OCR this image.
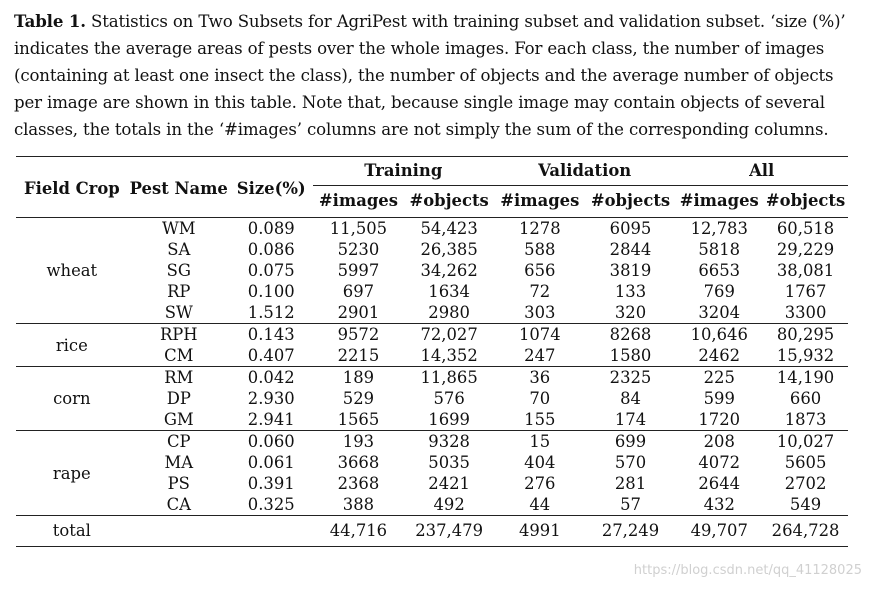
Table 1. Statistics on Two Subsets for AgriPest with training subset and validation subset. ‘size (%)’ indicates the average areas of pests over the whole images. For each class, the number of images (containing at least one insect the class), the number of objects and the average number of objects per image are shown in this table. Note that, because single image may contain objects of several classes, the totals in the ‘#images’ columns are not simply the sum of the corresponding columns.
Field Crop	Pest Name	Size(%)	Training		Validation		All	
			#images	#objects	#images	#objects	#images	#objects
wheat	WM	0.089	11,505	54,423	1278	6095	12,783	60,518
	SA	0.086	5230	26,385	588	2844	5818	29,229
	SG	0.075	5997	34,262	656	3819	6653	38,081
	RP	0.100	697	1634	72	133	769	1767
	SW	1.512	2901	2980	303	320	3204	3300
rice	RPH	0.143	9572	72,027	1074	8268	10,646	80,295
	CM	0.407	2215	14,352	247	1580	2462	15,932
corn	RM	0.042	189	11,865	36	2325	225	14,190
	DP	2.930	529	576	70	84	599	660
	GM	2.941	1565	1699	155	174	1720	1873
rape	CP	0.060	193	9328	15	699	208	10,027
	MA	0.061	3668	5035	404	570	4072	5605
	PS	0.391	2368	2421	276	281	2644	2702
	CA	0.325	388	492	44	57	432	549
total			44,716	237,479	4991	27,249	49,707	264,728
https://blog.csdn.net/qq_41128025
